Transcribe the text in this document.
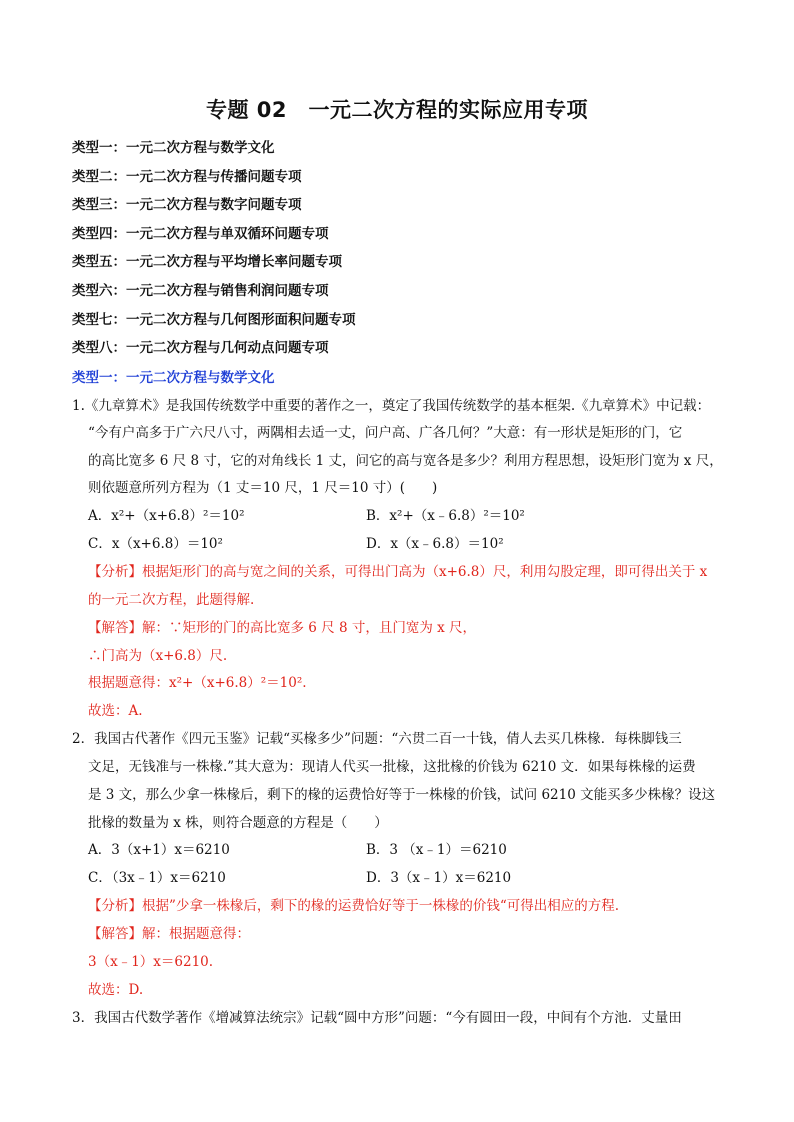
专题 02　一元二次方程的实际应用专项
类型一：一元二次方程与数学文化
类型二：一元二次方程与传播问题专项
类型三：一元二次方程与数字问题专项
类型四：一元二次方程与单双循环问题专项
类型五：一元二次方程与平均增长率问题专项
类型六：一元二次方程与销售利润问题专项
类型七：一元二次方程与几何图形面积问题专项
类型八：一元二次方程与几何动点问题专项
类型一：一元二次方程与数学文化
1.《九章算术》是我国传统数学中重要的著作之一，奠定了我国传统数学的基本框架.《九章算术》中记载：
“今有户高多于广六尺八寸，两隅相去适一丈，问户高、广各几何？”大意：有一形状是矩形的门，它
的高比宽多 6 尺 8 寸，它的对角线长 1 丈，问它的高与宽各是多少？利用方程思想，设矩形门宽为 x 尺，
则依题意所列方程为（1 丈＝10 尺，1 尺＝10 寸）(　　)
A．x²+（x+6.8）²＝10²	B．x²+（x﹣6.8）²＝10²
C．x（x+6.8）＝10²	D．x（x﹣6.8）＝10²
【分析】根据矩形门的高与宽之间的关系，可得出门高为（x+6.8）尺，利用勾股定理，即可得出关于 x
的一元二次方程，此题得解.
【解答】解：∵矩形的门的高比宽多 6 尺 8 寸，且门宽为 x 尺，
∴门高为（x+6.8）尺.
根据题意得：x²+（x+6.8）²＝10².
故选：A.
2．我国古代著作《四元玉鉴》记载“买椽多少”问题：“六贯二百一十钱，倩人去买几株椽．每株脚钱三
文足，无钱准与一株椽.”其大意为：现请人代买一批椽，这批椽的价钱为 6210 文．如果每株椽的运费
是 3 文，那么少拿一株椽后，剩下的椽的运费恰好等于一株椽的价钱，试问 6210 文能买多少株椽？设这
批椽的数量为 x 株，则符合题意的方程是（　　）
A．3（x+1）x＝6210	B．3 （x﹣1）＝6210
C．（3x﹣1）x＝6210	D．3（x﹣1）x＝6210
【分析】根据”少拿一株椽后，剩下的椽的运费恰好等于一株椽的价钱“可得出相应的方程.
【解答】解：根据题意得：
3（x﹣1）x＝6210.
故选：D.
3．我国古代数学著作《增减算法统宗》记载“圆中方形”问题：“今有圆田一段，中间有个方池．丈量田
